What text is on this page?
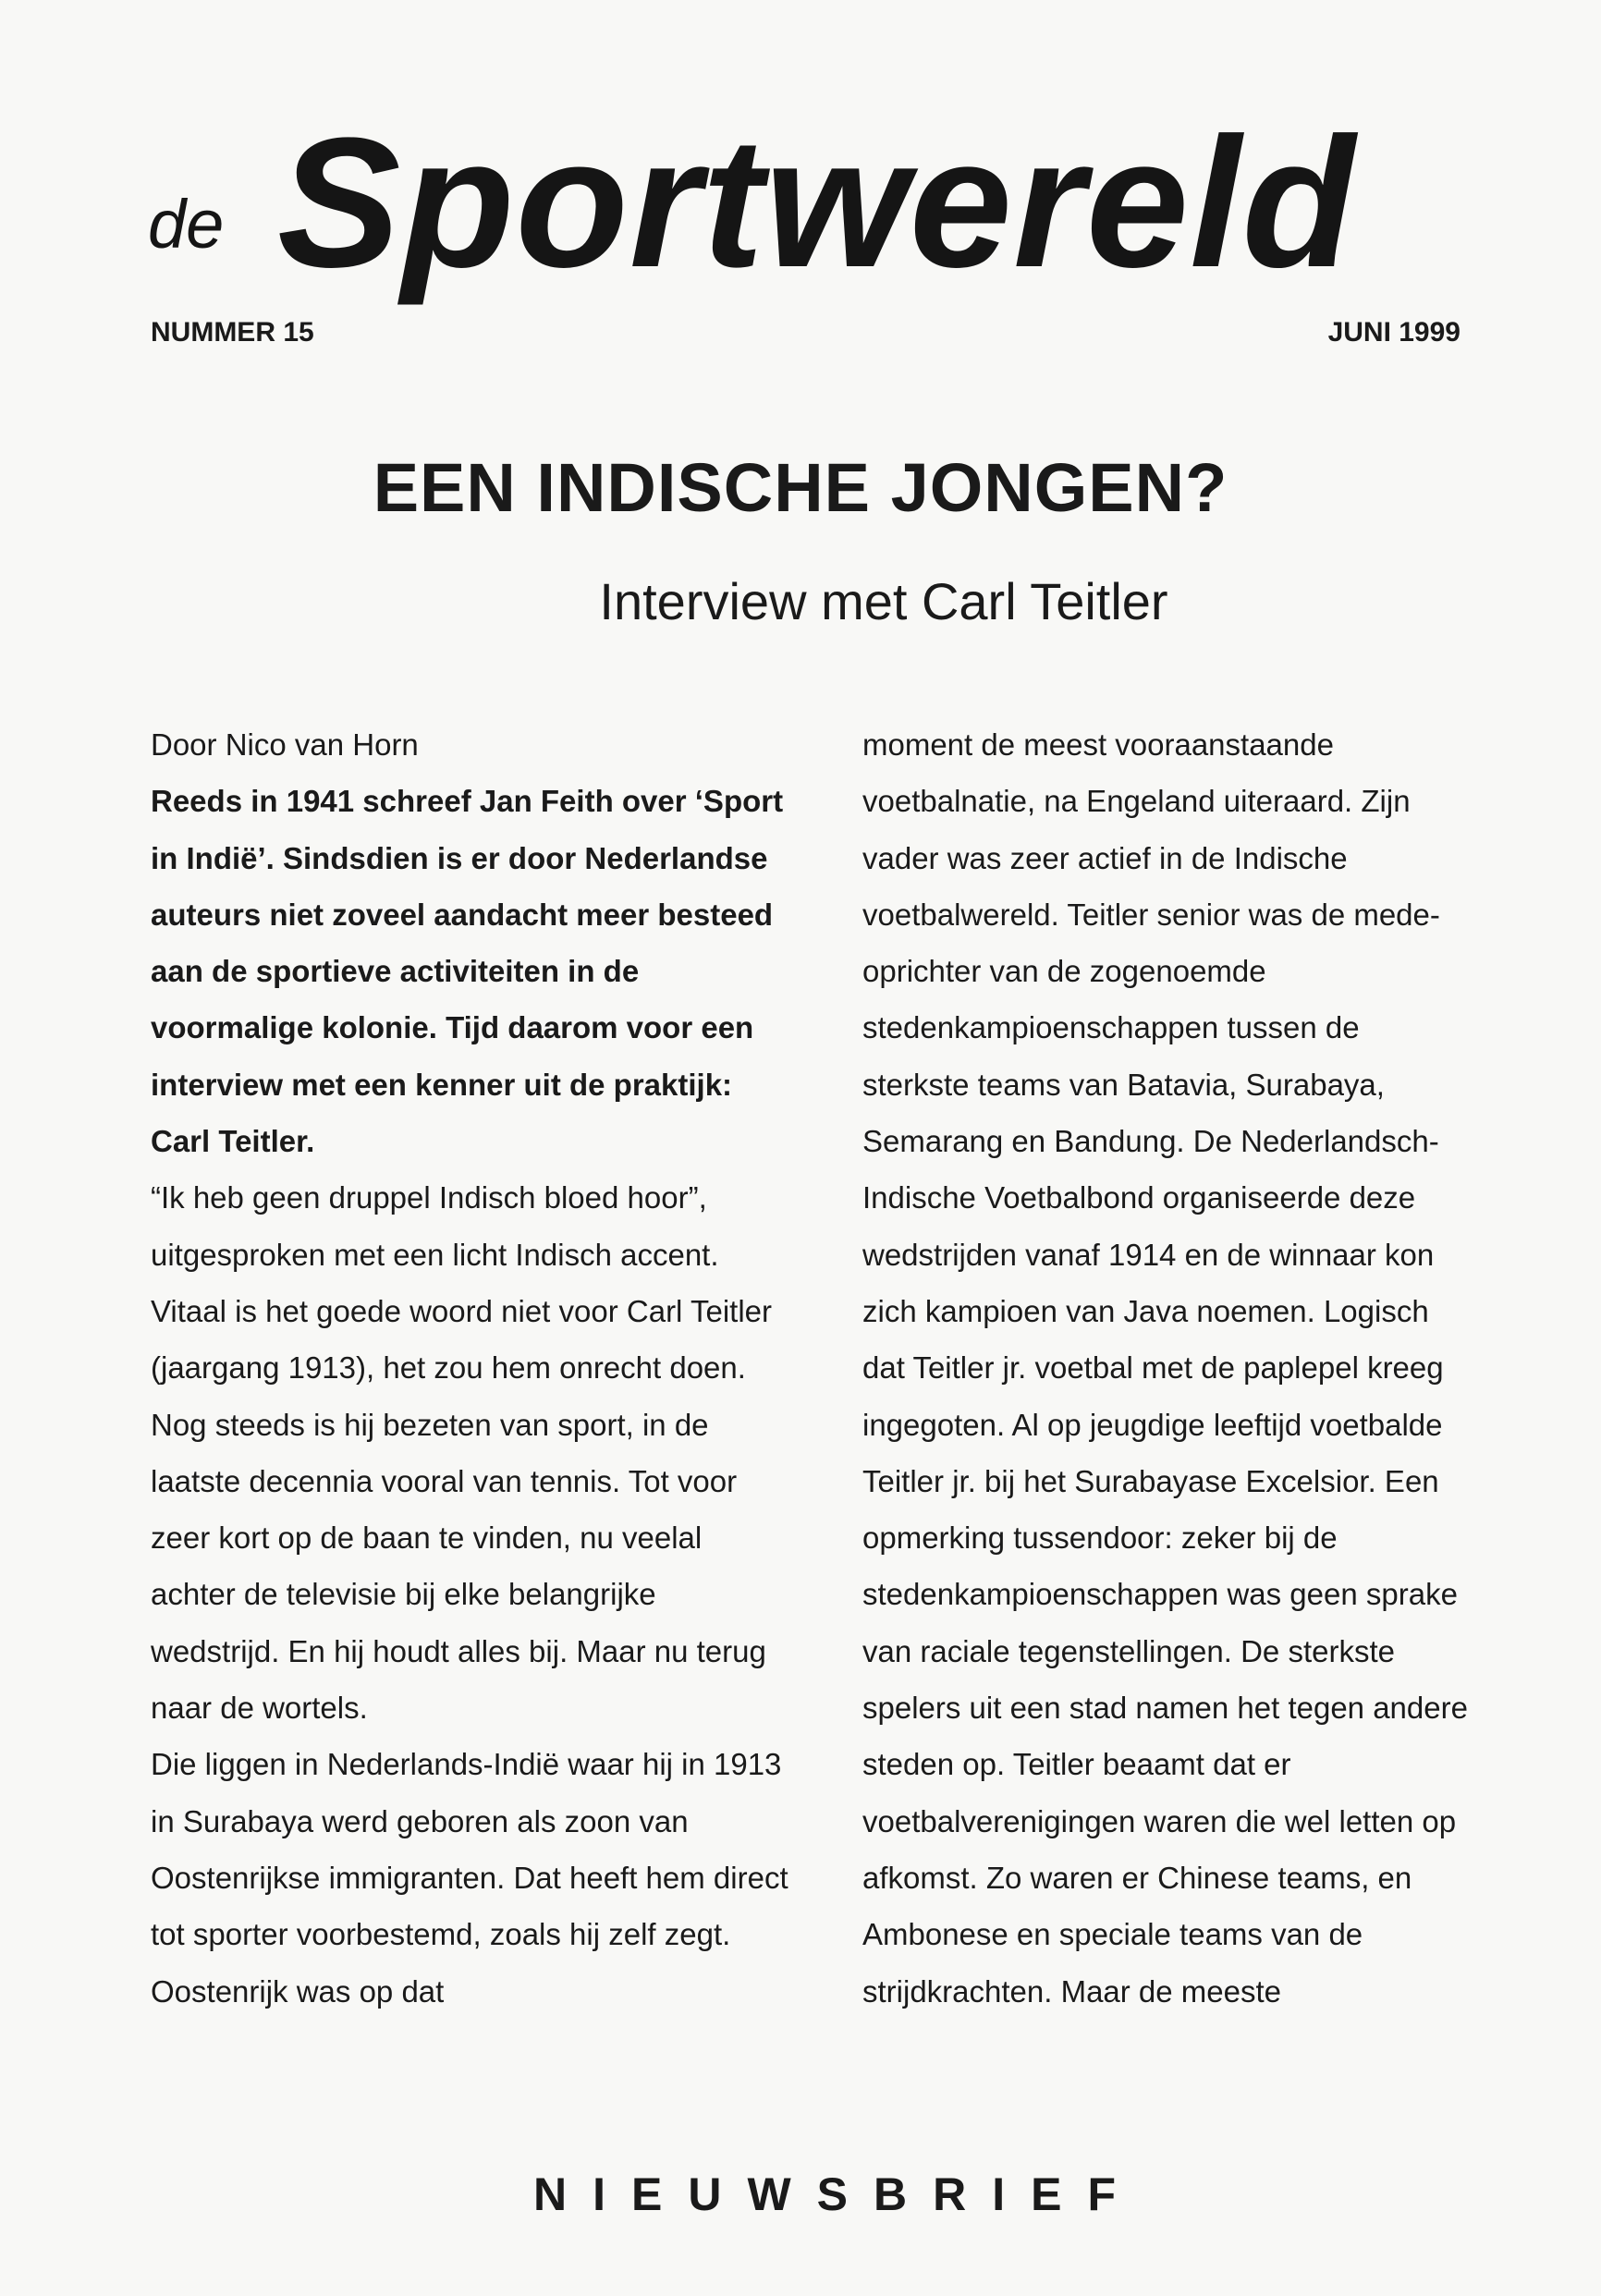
de Sportwereld
NUMMER 15	JUNI 1999
EEN INDISCHE JONGEN?
Interview met Carl Teitler

Door Nico van Horn

Reeds in 1941 schreef Jan Feith over ‘Sport in Indië’. Sindsdien is er door Nederlandse auteurs niet zoveel aandacht meer besteed aan de sportieve activiteiten in de voormalige kolonie. Tijd daarom voor een interview met een kenner uit de praktijk: Carl Teitler.

“Ik heb geen druppel Indisch bloed hoor”, uitgesproken met een licht Indisch accent. Vitaal is het goede woord niet voor Carl Teitler (jaargang 1913), het zou hem onrecht doen. Nog steeds is hij bezeten van sport, in de laatste decennia vooral van tennis. Tot voor zeer kort op de baan te vinden, nu veelal achter de televisie bij elke belangrijke wedstrijd. En hij houdt alles bij. Maar nu terug naar de wortels.

Die liggen in Nederlands-Indië waar hij in 1913 in Surabaya werd geboren als zoon van Oostenrijkse immigranten. Dat heeft hem direct tot sporter voorbestemd, zoals hij zelf zegt. Oostenrijk was op dat

moment de meest vooraanstaande voetbalnatie, na Engeland uiteraard. Zijn vader was zeer actief in de Indische voetbalwereld. Teitler senior was de mede-oprichter van de zogenoemde stedenkampioenschappen tussen de sterkste teams van Batavia, Surabaya, Semarang en Bandung. De Nederlandsch-Indische Voetbalbond organiseerde deze wedstrijden vanaf 1914 en de winnaar kon zich kampioen van Java noemen. Logisch dat Teitler jr. voetbal met de paplepel kreeg ingegoten. Al op jeugdige leeftijd voetbalde Teitler jr. bij het Surabayase Excelsior. Een opmerking tussendoor: zeker bij de stedenkampioenschappen was geen sprake van raciale tegenstellingen. De sterkste spelers uit een stad namen het tegen andere steden op. Teitler beaamt dat er voetbalverenigingen waren die wel letten op afkomst. Zo waren er Chinese teams, en Ambonese en speciale teams van de strijdkrachten. Maar de meeste

NIEUWSBRIEF
